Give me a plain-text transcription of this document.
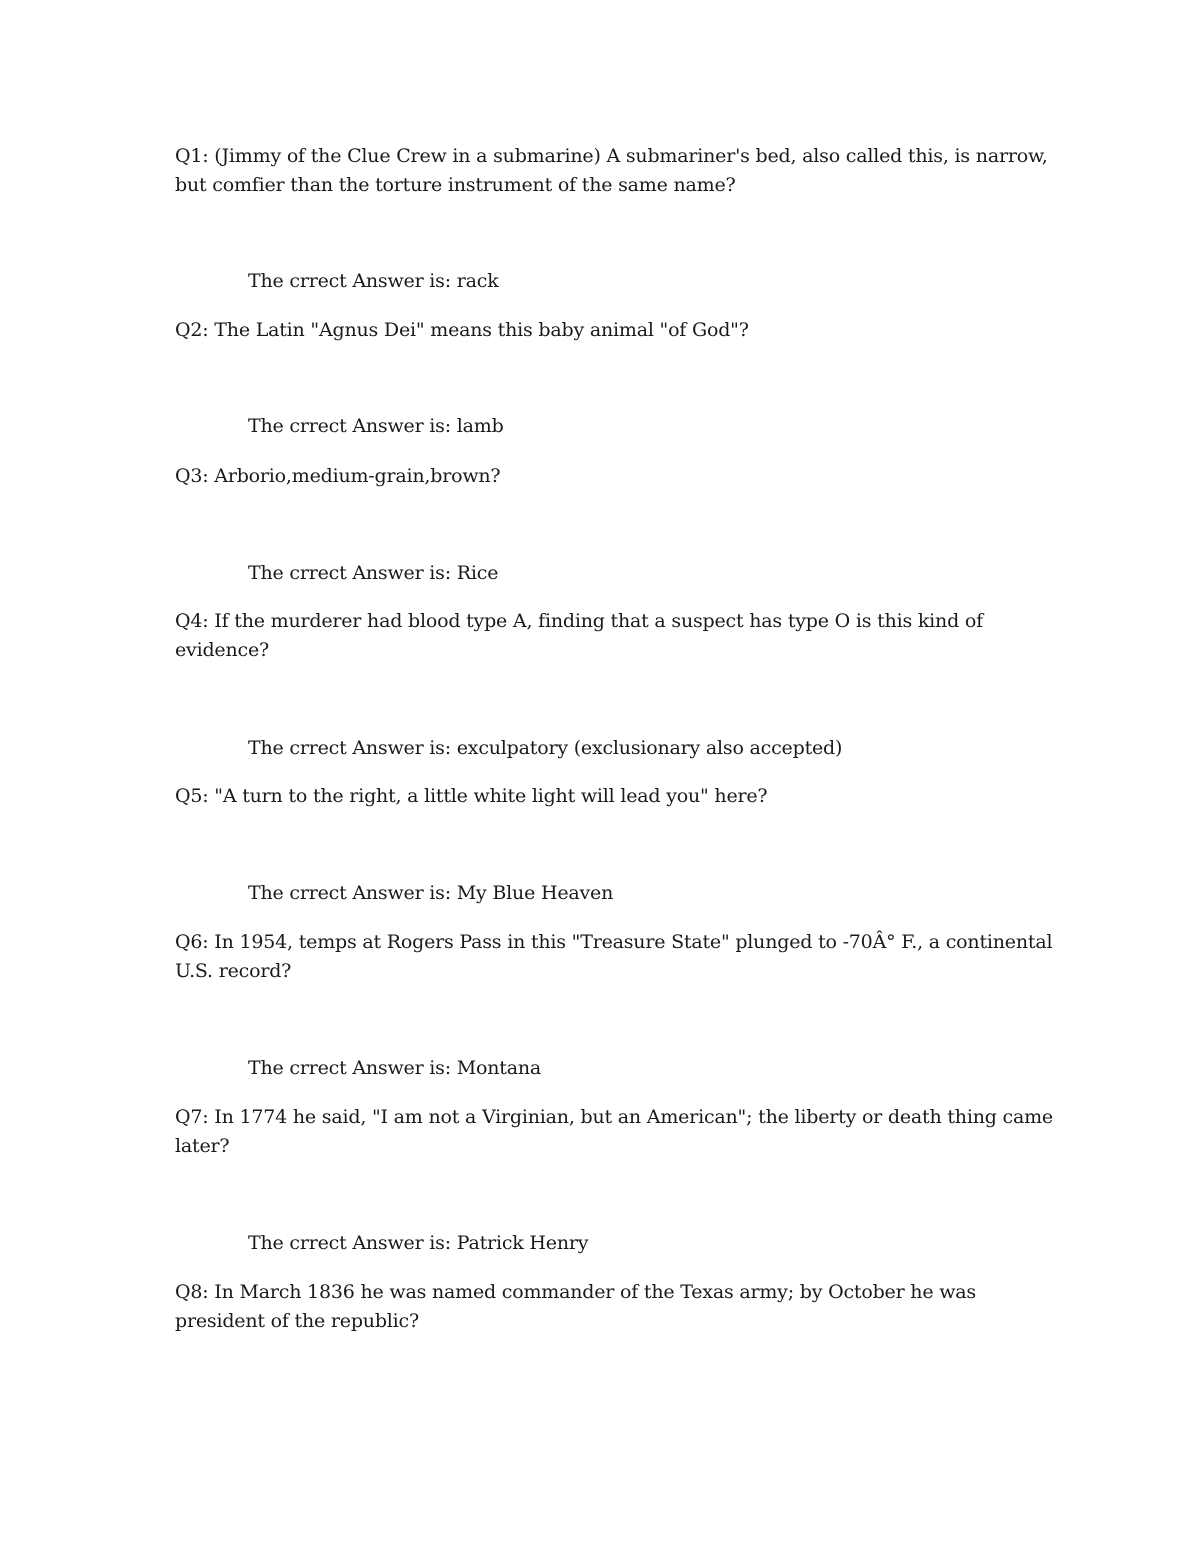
Q1: (Jimmy of the Clue Crew in a submarine) A submariner's bed, also called this, is narrow,
but comfier than the torture instrument of the same name?
The crrect Answer is: rack
Q2: The Latin "Agnus Dei" means this baby animal "of God"?
The crrect Answer is: lamb
Q3: Arborio,medium-grain,brown?
The crrect Answer is: Rice
Q4: If the murderer had blood type A, finding that a suspect has type O is this kind of
evidence?
The crrect Answer is: exculpatory (exclusionary also accepted)
Q5: "A turn to the right, a little white light will lead you" here?
The crrect Answer is: My Blue Heaven
Q6: In 1954, temps at Rogers Pass in this "Treasure State" plunged to -70Â° F., a continental
U.S. record?
The crrect Answer is: Montana
Q7: In 1774 he said, "I am not a Virginian, but an American"; the liberty or death thing came
later?
The crrect Answer is: Patrick Henry
Q8: In March 1836 he was named commander of the Texas army; by October he was
president of the republic?
